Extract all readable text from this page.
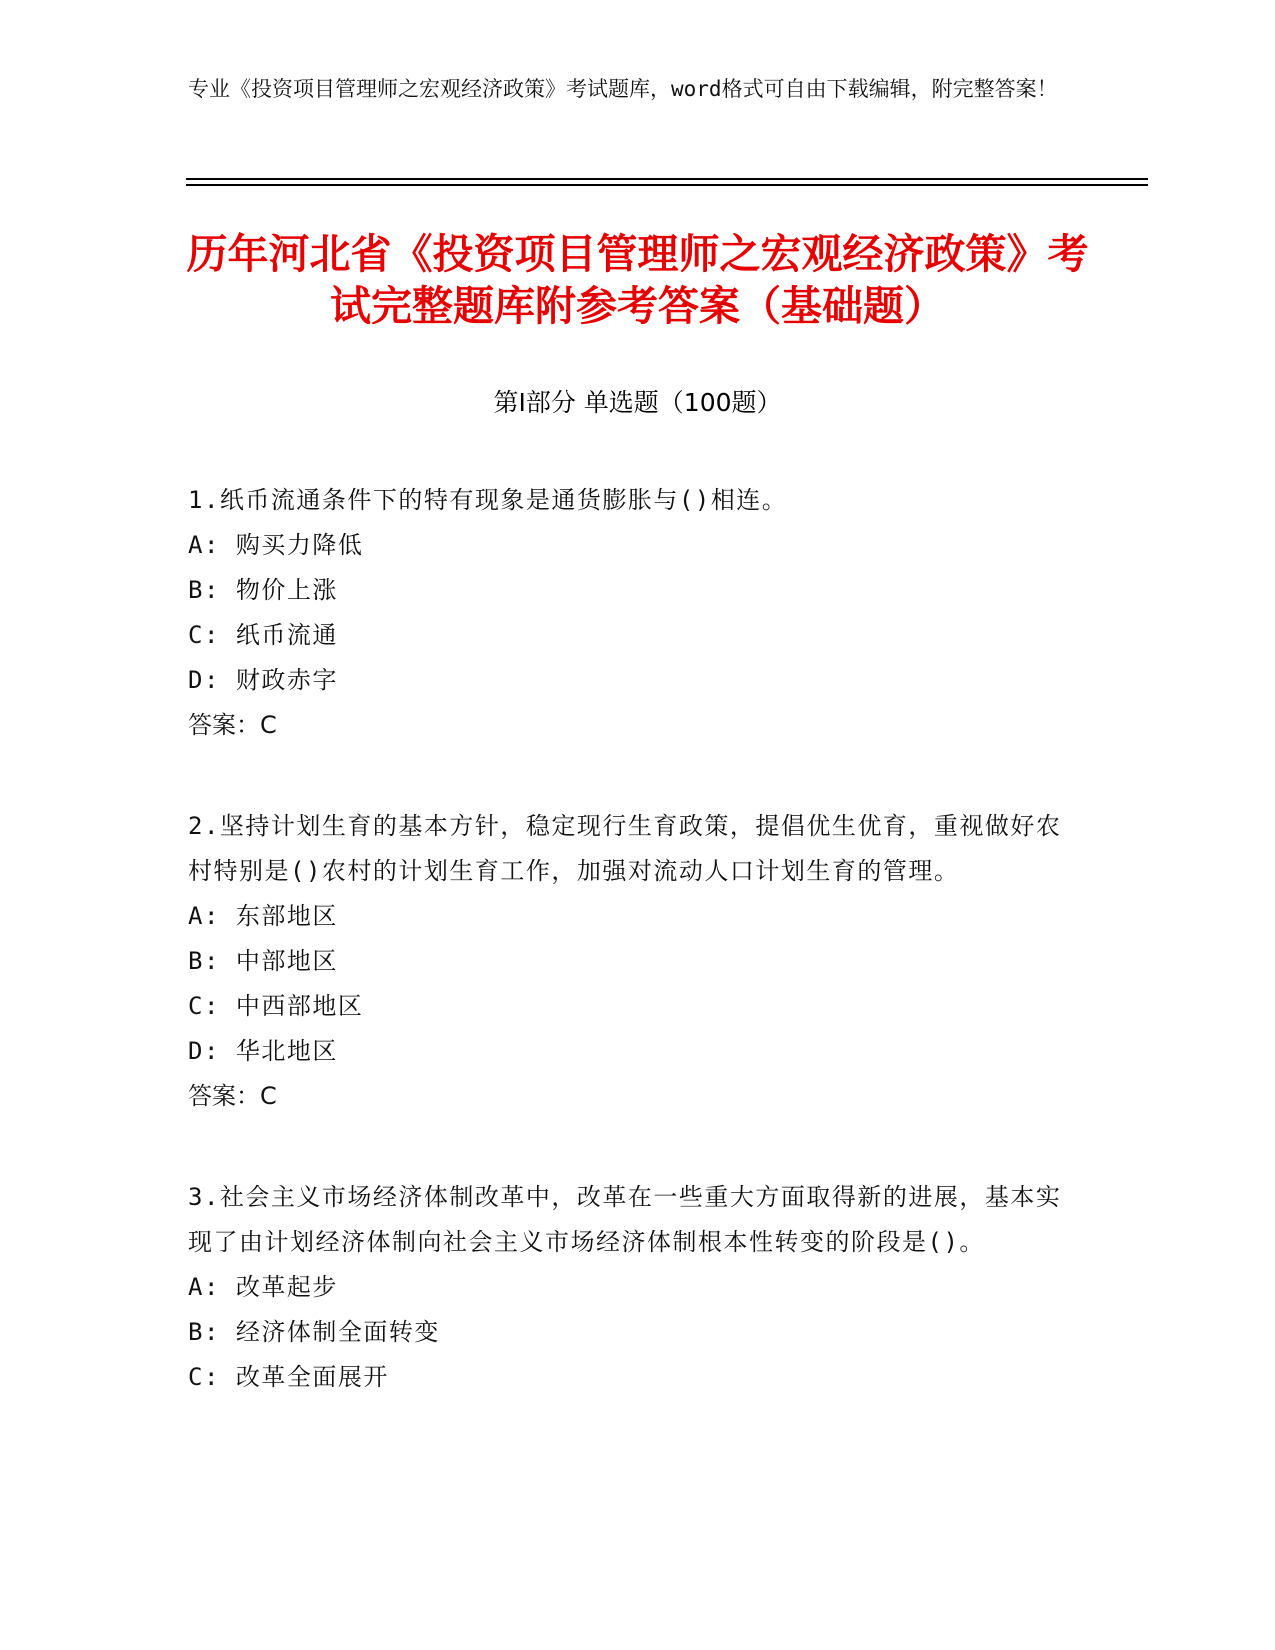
专业《投资项目管理师之宏观经济政策》考试题库，word格式可自由下载编辑，附完整答案！
历年河北省《投资项目管理师之宏观经济政策》考试完整题库附参考答案（基础题）
第I部分 单选题（100题）
1.纸币流通条件下的特有现象是通货膨胀与()相连。
A: 购买力降低
B: 物价上涨
C: 纸币流通
D: 财政赤字
答案：C
2.坚持计划生育的基本方针，稳定现行生育政策，提倡优生优育，重视做好农村特别是()农村的计划生育工作，加强对流动人口计划生育的管理。
A: 东部地区
B: 中部地区
C: 中西部地区
D: 华北地区
答案：C
3.社会主义市场经济体制改革中，改革在一些重大方面取得新的进展，基本实现了由计划经济体制向社会主义市场经济体制根本性转变的阶段是()。
A: 改革起步
B: 经济体制全面转变
C: 改革全面展开
